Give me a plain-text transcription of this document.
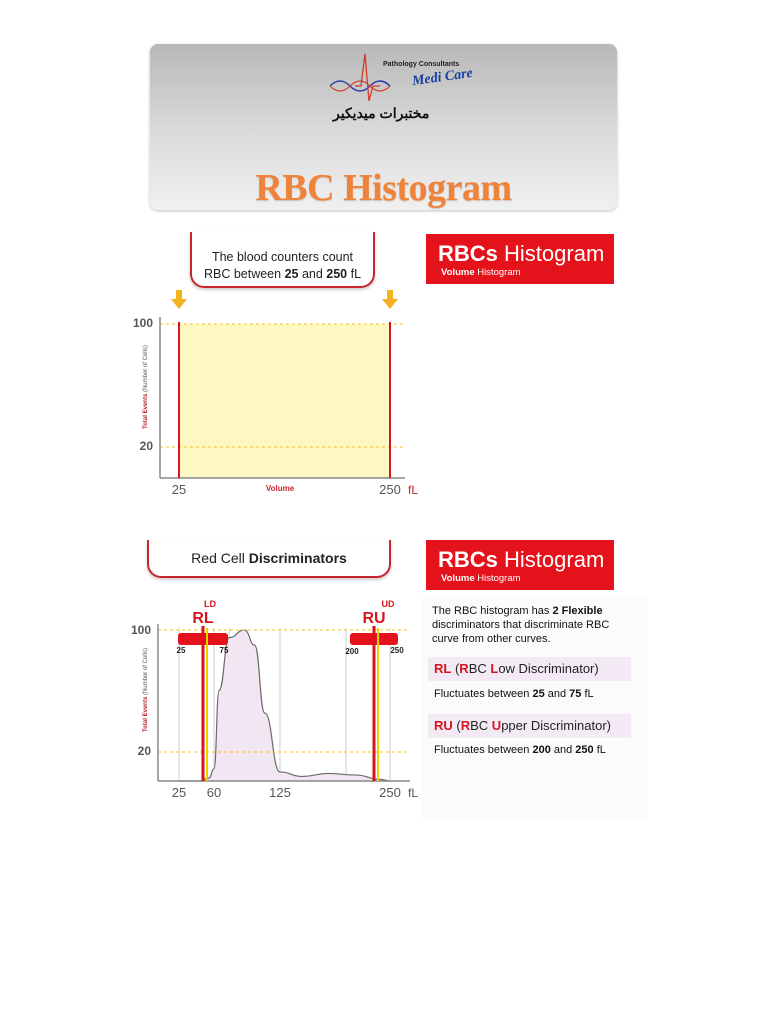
Pathology Consultants
Medi Care
مختبرات ميديكير
RBC Histogram
The blood counters count
RBC between 25 and 250 fL
RBCs Histogram
Volume Histogram
Total Events (Number of Cells)
100
20
25	Volume	250 fL
Red Cell Discriminators	RBCs Histogram
Volume Histogram
The RBC histogram has 2 Flexible discriminators that discriminate RBC curve from other curves.
RL (RBC Low Discriminator)
Fluctuates between 25 and 75 fL
RU (RBC Upper Discriminator)
Fluctuates between 200 and 250 fL
Total Events (Number of Cells)
100
20
25 60	125	250 fL
LD
RL
UD
RU
25	75	200	250
